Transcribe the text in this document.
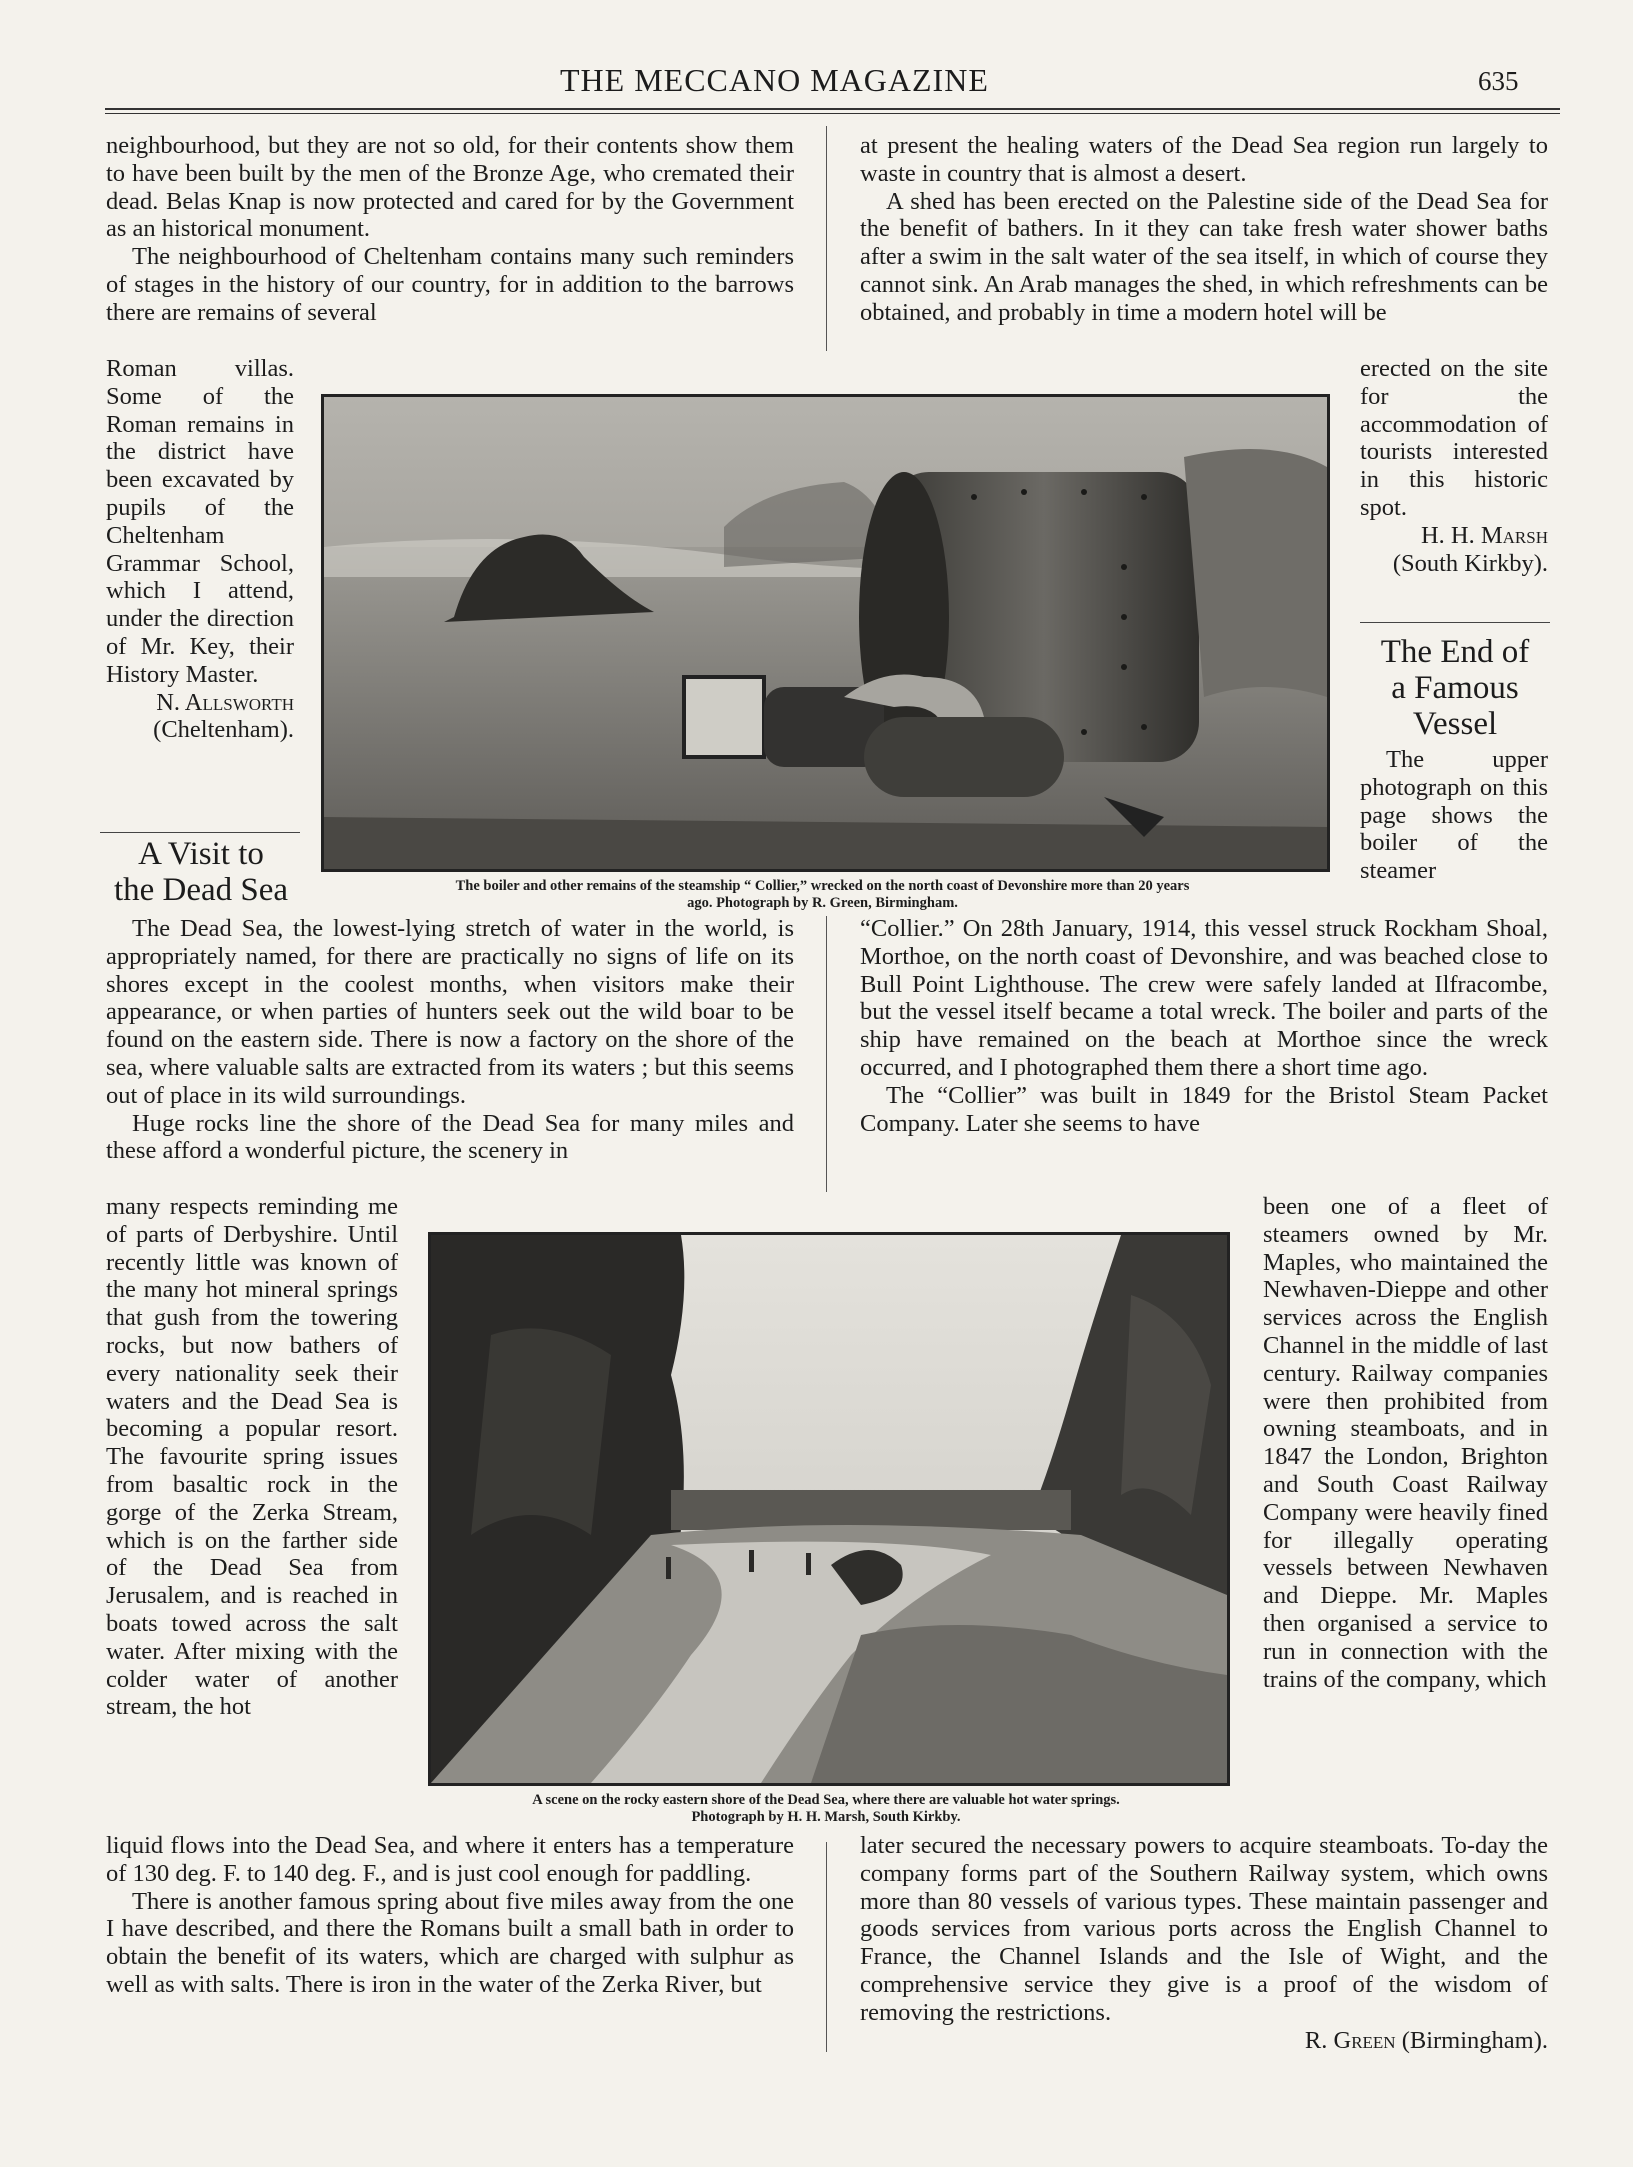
THE MECCANO MAGAZINE	635

neighbourhood, but they are not so old, for their contents show them to have been built by the men of the Bronze Age, who cremated their dead. Belas Knap is now protected and cared for by the Government as an historical monument.

The neighbourhood of Cheltenham contains many such reminders of stages in the history of our country, for in addition to the barrows there are remains of several

Roman villas. Some of the Roman remains in the district have been excavated by pupils of the Cheltenham Grammar School, which I attend, under the direction of Mr. Key, their History Master.

N. Allsworth
(Cheltenham).
A Visit to
the Dead Sea	The boiler and other remains of the steamship “ Collier,” wrecked on the north coast of Devonshire more than 20 years
ago. Photograph by R. Green, Birmingham.

at present the healing waters of the Dead Sea region run largely to waste in country that is almost a desert.

A shed has been erected on the Palestine side of the Dead Sea for the benefit of bathers. In it they can take fresh water shower baths after a swim in the salt water of the sea itself, in which of course they cannot sink. An Arab manages the shed, in which refreshments can be obtained, and probably in time a modern hotel will be

erected on the site for the accommodation of tourists interested in this historic spot.

H. H. Marsh
(South Kirkby).
The End of
a Famous
Vessel

The upper photograph on this page shows the boiler of the steamer

The Dead Sea, the lowest-lying stretch of water in the world, is appropriately named, for there are practically no signs of life on its shores except in the coolest months, when visitors make their appearance, or when parties of hunters seek out the wild boar to be found on the eastern side. There is now a factory on the shore of the sea, where valuable salts are extracted from its waters ; but this seems out of place in its wild surroundings.

Huge rocks line the shore of the Dead Sea for many miles and these afford a wonderful picture, the scenery in

many respects reminding me of parts of Derbyshire. Until recently little was known of the many hot mineral springs that gush from the towering rocks, but now bathers of every nationality seek their waters and the Dead Sea is becoming a popular resort. The favourite spring issues from basaltic rock in the gorge of the Zerka Stream, which is on the farther side of the Dead Sea from Jerusalem, and is reached in boats towed across the salt water. After mixing with the colder water of another stream, the hot

liquid flows into the Dead Sea, and where it enters has a temperature of 130 deg. F. to 140 deg. F., and is just cool enough for paddling.

There is another famous spring about five miles away from the one I have described, and there the Romans built a small bath in order to obtain the benefit of its waters, which are charged with sulphur as well as with salts. There is iron in the water of the Zerka River, but

“Collier.” On 28th January, 1914, this vessel struck Rockham Shoal, Morthoe, on the north coast of Devonshire, and was beached close to Bull Point Lighthouse. The crew were safely landed at Ilfracombe, but the vessel itself became a total wreck. The boiler and parts of the ship have remained on the beach at Morthoe since the wreck occurred, and I photographed them there a short time ago.

The “Collier” was built in 1849 for the Bristol Steam Packet Company. Later she seems to have

been one of a fleet of steamers owned by Mr. Maples, who maintained the Newhaven-Dieppe and other services across the English Channel in the middle of last century. Railway companies were then prohibited from owning steamboats, and in 1847 the London, Brighton and South Coast Railway Company were heavily fined for illegally operating vessels between Newhaven and Dieppe. Mr. Maples then organised a service to run in connection with the trains of the company, which

later secured the necessary powers to acquire steamboats. To-day the company forms part of the Southern Railway system, which owns more than 80 vessels of various types. These maintain passenger and goods services from various ports across the English Channel to France, the Channel Islands and the Isle of Wight, and the comprehensive service they give is a proof of the wisdom of removing the restrictions.

R. Green (Birmingham).
A scene on the rocky eastern shore of the Dead Sea, where there are valuable hot water springs.
Photograph by H. H. Marsh, South Kirkby.
